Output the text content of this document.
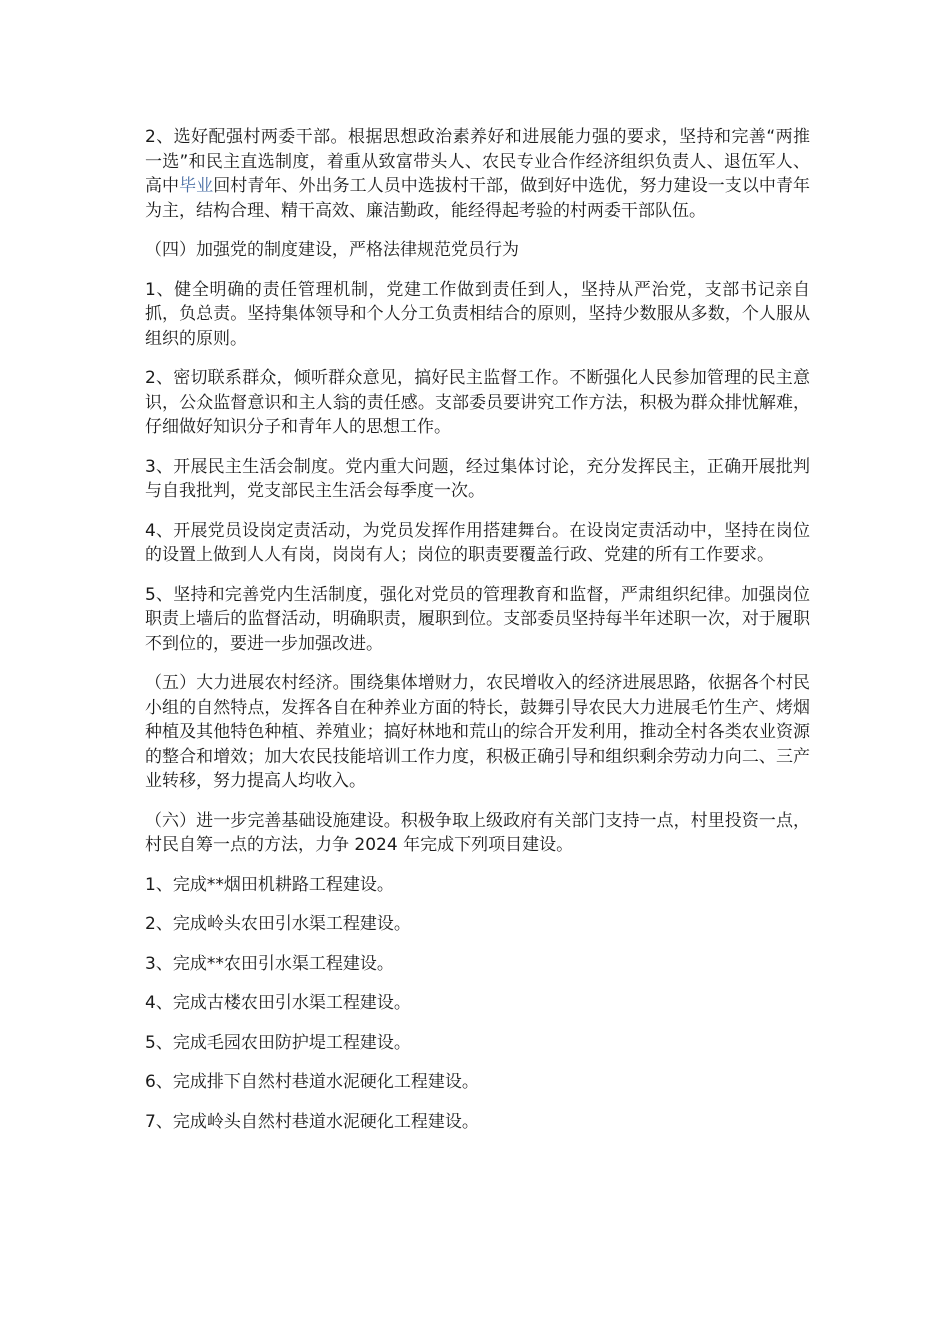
2、选好配强村两委干部。根据思想政治素养好和进展能力强的要求，坚持和完善“两推一选”和民主直选制度，着重从致富带头人、农民专业合作经济组织负责人、退伍军人、高中毕业回村青年、外出务工人员中选拔村干部，做到好中选优，努力建设一支以中青年为主，结构合理、精干高效、廉洁勤政，能经得起考验的村两委干部队伍。

（四）加强党的制度建设，严格法律规范党员行为

1、健全明确的责任管理机制，党建工作做到责任到人，坚持从严治党，支部书记亲自抓，负总责。坚持集体领导和个人分工负责相结合的原则，坚持少数服从多数，个人服从组织的原则。

2、密切联系群众，倾听群众意见，搞好民主监督工作。不断强化人民参加管理的民主意识，公众监督意识和主人翁的责任感。支部委员要讲究工作方法，积极为群众排忧解难，仔细做好知识分子和青年人的思想工作。

3、开展民主生活会制度。党内重大问题，经过集体讨论，充分发挥民主，正确开展批判与自我批判，党支部民主生活会每季度一次。

4、开展党员设岗定责活动，为党员发挥作用搭建舞台。在设岗定责活动中，坚持在岗位的设置上做到人人有岗，岗岗有人；岗位的职责要覆盖行政、党建的所有工作要求。

5、坚持和完善党内生活制度，强化对党员的管理教育和监督，严肃组织纪律。加强岗位职责上墙后的监督活动，明确职责，履职到位。支部委员坚持每半年述职一次，对于履职不到位的，要进一步加强改进。

（五）大力进展农村经济。围绕集体增财力，农民增收入的经济进展思路，依据各个村民小组的自然特点，发挥各自在种养业方面的特长，鼓舞引导农民大力进展毛竹生产、烤烟种植及其他特色种植、养殖业；搞好林地和荒山的综合开发利用，推动全村各类农业资源的整合和增效；加大农民技能培训工作力度，积极正确引导和组织剩余劳动力向二、三产业转移，努力提高人均收入。

（六）进一步完善基础设施建设。积极争取上级政府有关部门支持一点，村里投资一点，村民自筹一点的方法，力争 2024 年完成下列项目建设。

1、完成**烟田机耕路工程建设。

2、完成岭头农田引水渠工程建设。

3、完成**农田引水渠工程建设。

4、完成古楼农田引水渠工程建设。

5、完成毛园农田防护堤工程建设。

6、完成排下自然村巷道水泥硬化工程建设。

7、完成岭头自然村巷道水泥硬化工程建设。
